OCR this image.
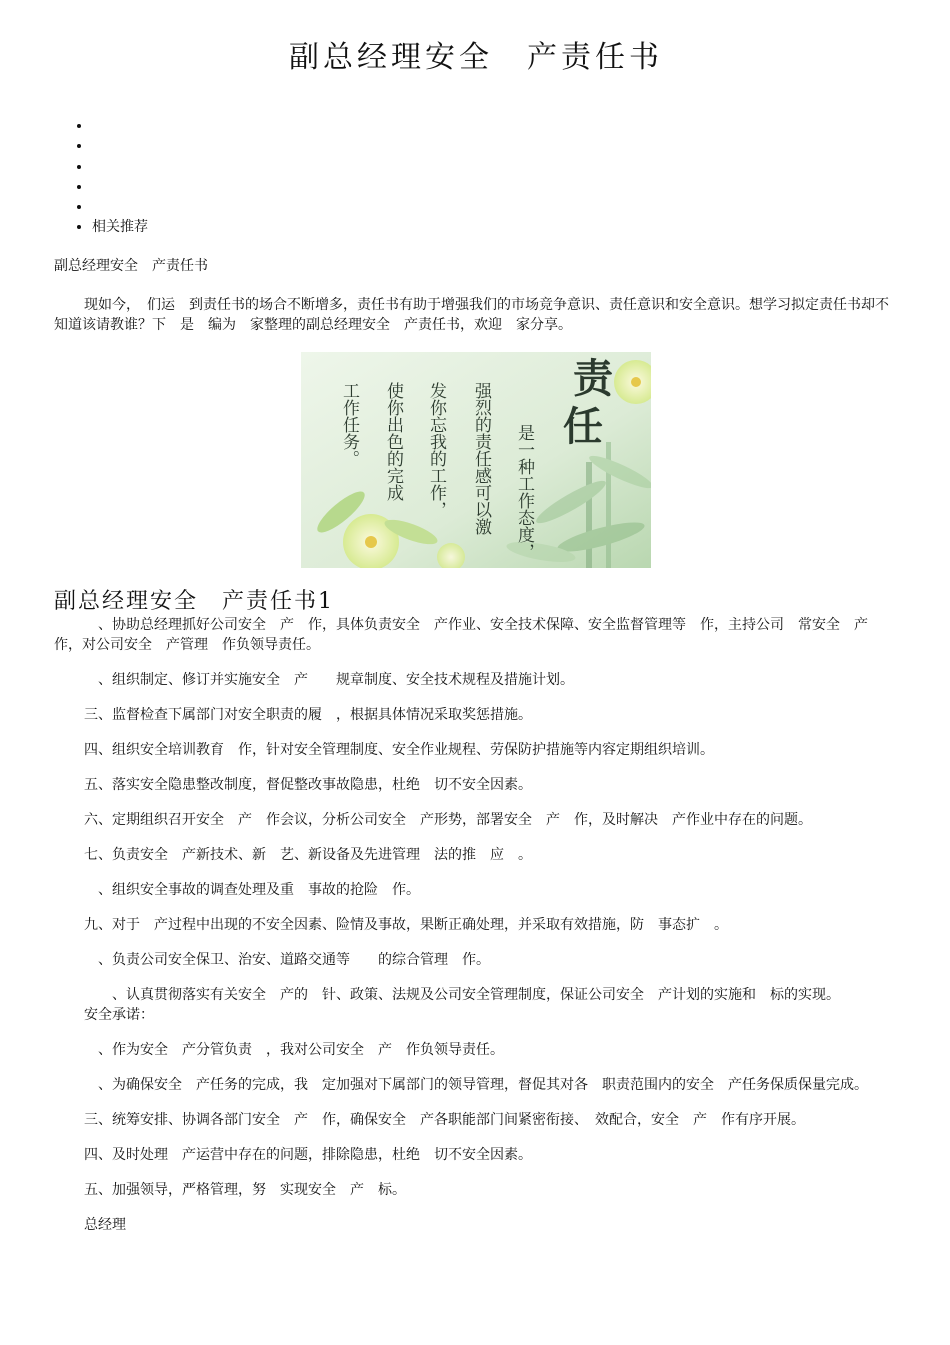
副总经理安全　产责任书
•
•
•
•
•
• 相关推荐

副总经理安全　产责任书

现如今，　们运　到责任书的场合不断增多，责任书有助于增强我们的市场竞争意识、责任意识和安全意识。想学习拟定责任书却不知道该请教谁？下　是　编为　家整理的副总经理安全　产责任书，欢迎　家分享。

责
任
是一种工作态度，
强烈的责任感可以激
发你忘我的工作，
使你出色的完成
工作任务。
副总经理安全　产责任书1

　、协助总经理抓好公司安全　产　作，具体负责安全　产作业、安全技术保障、安全监督管理等　作，主持公司　常安全　产　作，对公司安全　产管理　作负领导责任。

　、组织制定、修订并实施安全　产　　规章制度、安全技术规程及措施计划。

三、监督检查下属部门对安全职责的履　，根据具体情况采取奖惩措施。

四、组织安全培训教育　作，针对安全管理制度、安全作业规程、劳保防护措施等内容定期组织培训。

五、落实安全隐患整改制度，督促整改事故隐患，杜绝　切不安全因素。

六、定期组织召开安全　产　作会议，分析公司安全　产形势，部署安全　产　作，及时解决　产作业中存在的问题。

七、负责安全　产新技术、新　艺、新设备及先进管理　法的推　应　。

　、组织安全事故的调查处理及重　事故的抢险　作。

九、对于　产过程中出现的不安全因素、险情及事故，果断正确处理，并采取有效措施，防　事态扩　。

　、负责公司安全保卫、治安、道路交通等　　的综合管理　作。

　　、认真贯彻落实有关安全　产的　针、政策、法规及公司安全管理制度，保证公司安全　产计划的实施和　标的实现。

安全承诺：

　、作为安全　产分管负责　，我对公司安全　产　作负领导责任。

　、为确保安全　产任务的完成，我　定加强对下属部门的领导管理，督促其对各　职责范围内的安全　产任务保质保量完成。

三、统筹安排、协调各部门安全　产　作，确保安全　产各职能部门间紧密衔接、　效配合，安全　产　作有序开展。

四、及时处理　产运营中存在的问题，排除隐患，杜绝　切不安全因素。

五、加强领导，严格管理，努　实现安全　产　标。

总经理
